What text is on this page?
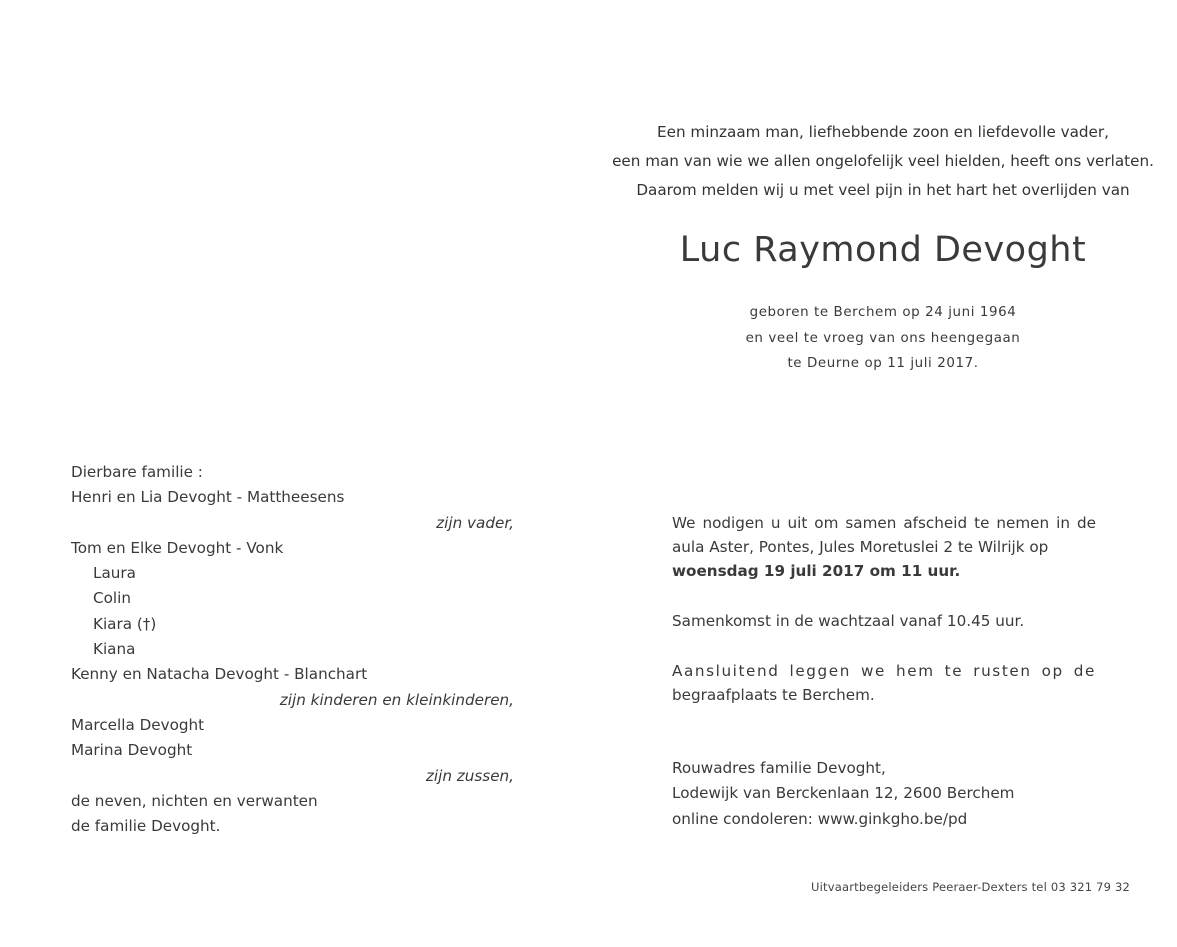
Een minzaam man, liefhebbende zoon en liefdevolle vader,
een man van wie we allen ongelofelijk veel hielden, heeft ons verlaten.
Daarom melden wij u met veel pijn in het hart het overlijden van
Luc Raymond Devoght
geboren te Berchem op 24 juni 1964
en veel te vroeg van ons heengegaan
te Deurne op 11 juli 2017.
Dierbare familie :
Henri en Lia Devoght - Mattheesens
zijn vader,
Tom en Elke Devoght - Vonk
Laura
Colin
Kiara (†)
Kiana
Kenny en Natacha Devoght - Blanchart
zijn kinderen en kleinkinderen,
Marcella Devoght
Marina Devoght
zijn zussen,
de neven, nichten en verwanten
de familie Devoght.

We nodigen u uit om samen afscheid te nemen in de aula Aster, Pontes, Jules Moretuslei 2 te Wilrijk op

woensdag 19 juli 2017 om 11 uur.

Samenkomst in de wachtzaal vanaf 10.45 uur.
Aansluitend leggen we hem te rusten op de
begraafplaats te Berchem.
Rouwadres familie Devoght,
Lodewijk van Berckenlaan 12, 2600 Berchem
online condoleren: www.ginkgho.be/pd
Uitvaartbegeleiders Peeraer-Dexters tel 03 321 79 32
